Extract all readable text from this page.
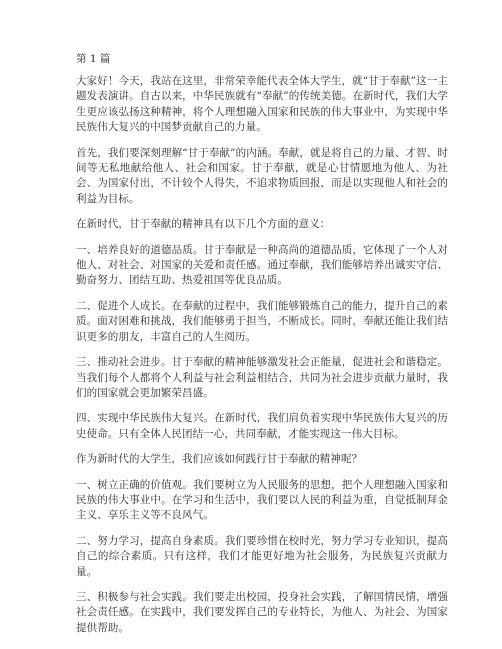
第 1 篇

大家好！今天，我站在这里，非常荣幸能代表全体大学生，就“甘于奉献”这一主题发表演讲。自古以来，中华民族就有“奉献”的传统美德。在新时代，我们大学生更应该弘扬这种精神，将个人理想融入国家和民族的伟大事业中，为实现中华民族伟大复兴的中国梦贡献自己的力量。

首先，我们要深刻理解“甘于奉献”的内涵。奉献，就是将自己的力量、才智、时间等无私地献给他人、社会和国家。甘于奉献，就是心甘情愿地为他人、为社会、为国家付出，不计较个人得失，不追求物质回报，而是以实现他人和社会的利益为目标。

在新时代，甘于奉献的精神具有以下几个方面的意义：

一、培养良好的道德品质。甘于奉献是一种高尚的道德品质，它体现了一个人对他人、对社会、对国家的关爱和责任感。通过奉献，我们能够培养出诚实守信、勤奋努力、团结互助、热爱祖国等优良品质。

二、促进个人成长。在奉献的过程中，我们能够锻炼自己的能力，提升自己的素质。面对困难和挑战，我们能够勇于担当，不断成长。同时，奉献还能让我们结识更多的朋友，丰富自己的人生阅历。

三、推动社会进步。甘于奉献的精神能够激发社会正能量，促进社会和谐稳定。当我们每个人都将个人利益与社会利益相结合，共同为社会进步贡献力量时，我们的国家就会更加繁荣昌盛。

四、实现中华民族伟大复兴。在新时代，我们肩负着实现中华民族伟大复兴的历史使命。只有全体人民团结一心，共同奉献，才能实现这一伟大目标。

作为新时代的大学生，我们应该如何践行甘于奉献的精神呢？

一、树立正确的价值观。我们要树立为人民服务的思想，把个人理想融入国家和民族的伟大事业中。在学习和生活中，我们要以人民的利益为重，自觉抵制拜金主义、享乐主义等不良风气。

二、努力学习，提高自身素质。我们要珍惜在校时光，努力学习专业知识，提高自己的综合素质。只有这样，我们才能更好地为社会服务，为民族复兴贡献力量。

三、积极参与社会实践。我们要走出校园，投身社会实践，了解国情民情，增强社会责任感。在实践中，我们要发挥自己的专业特长，为他人、为社会、为国家提供帮助。
